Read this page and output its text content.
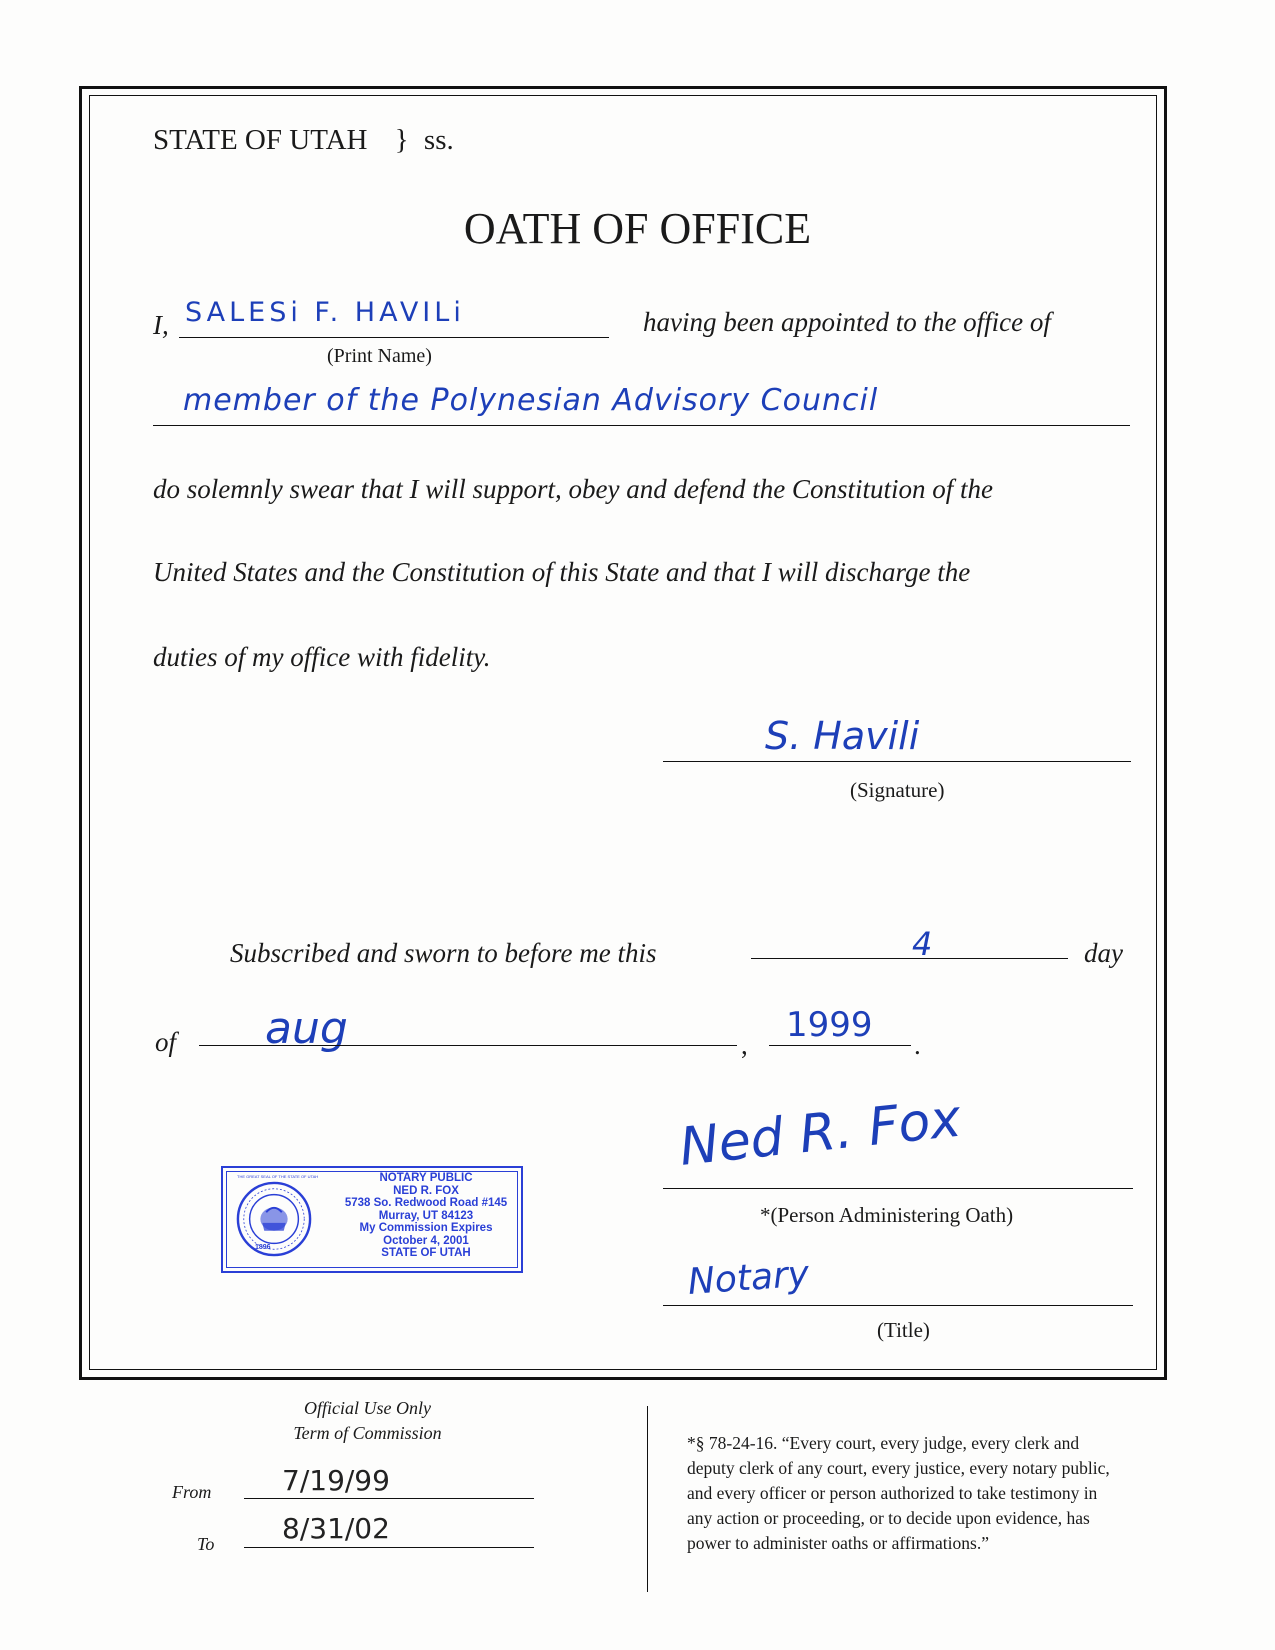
STATE OF UTAH } ss.
OATH OF OFFICE
I, SALESi F. HAVILi
(Print Name)
having been appointed to the office of
member of the Polynesian Advisory Council
do solemnly swear that I will support, obey and defend the Constitution of the
United States and the Constitution of this State and that I will discharge the
duties of my office with fidelity.
S. Havili
(Signature)
Subscribed and sworn to before me this	4	day
of aug	, 1999 .
1896
THE GREAT SEAL OF THE STATE OF UTAH	NOTARY PUBLIC
NED R. FOX
5738 So. Redwood Road #145
Murray, UT 84123
My Commission Expires
October 4, 2001
STATE OF UTAH
Ned R. Fox
*(Person Administering Oath)
Notary
(Title)
Official Use Only
Term of Commission
From	7/19/99
To 8/31/02
*§ 78-24-16. “Every court, every judge, every clerk and
deputy clerk of any court, every justice, every notary public,
and every officer or person authorized to take testimony in
any action or proceeding, or to decide upon evidence, has
power to administer oaths or affirmations.”
